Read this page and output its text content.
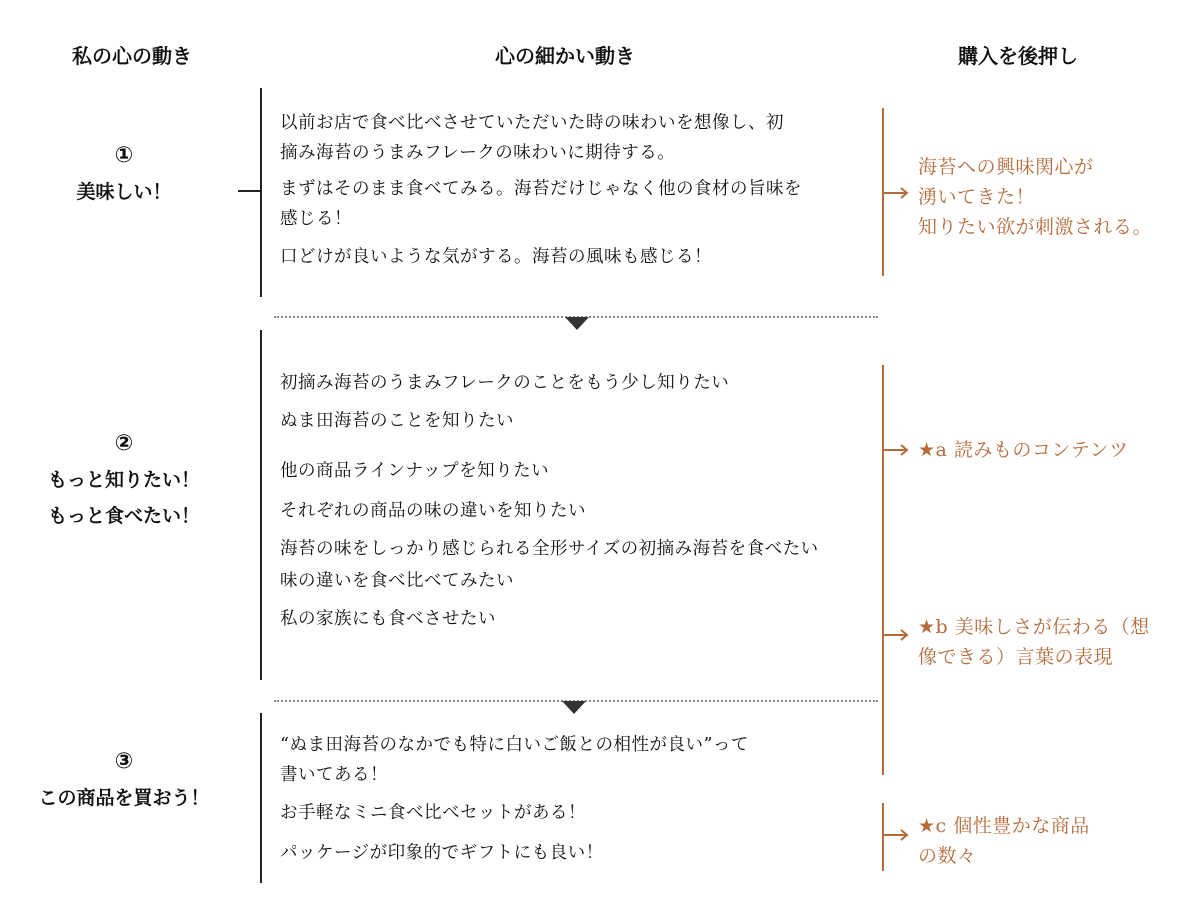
私の心の動き	心の細かい動き	購入を後押し
①
美味しい！
以前お店で食べ比べさせていただいた時の味わいを想像し、初
摘み海苔のうまみフレークの味わいに期待する。
まずはそのまま食べてみる。海苔だけじゃなく他の食材の旨味を
感じる！
口どけが良いような気がする。海苔の風味も感じる！
②
もっと知りたい！
もっと食べたい！
初摘み海苔のうまみフレークのことをもう少し知りたい
ぬま田海苔のことを知りたい
他の商品ラインナップを知りたい
それぞれの商品の味の違いを知りたい
海苔の味をしっかり感じられる全形サイズの初摘み海苔を食べたい
味の違いを食べ比べてみたい
私の家族にも食べさせたい
③
この商品を買おう！
“ぬま田海苔のなかでも特に白いご飯との相性が良い”って
書いてある！
お手軽なミニ食べ比べセットがある！
パッケージが印象的でギフトにも良い！
海苔への興味関心が
湧いてきた！
知りたい欲が刺激される。
★a 読みものコンテンツ
★b 美味しさが伝わる（想
像できる）言葉の表現
★c 個性豊かな商品
の数々
